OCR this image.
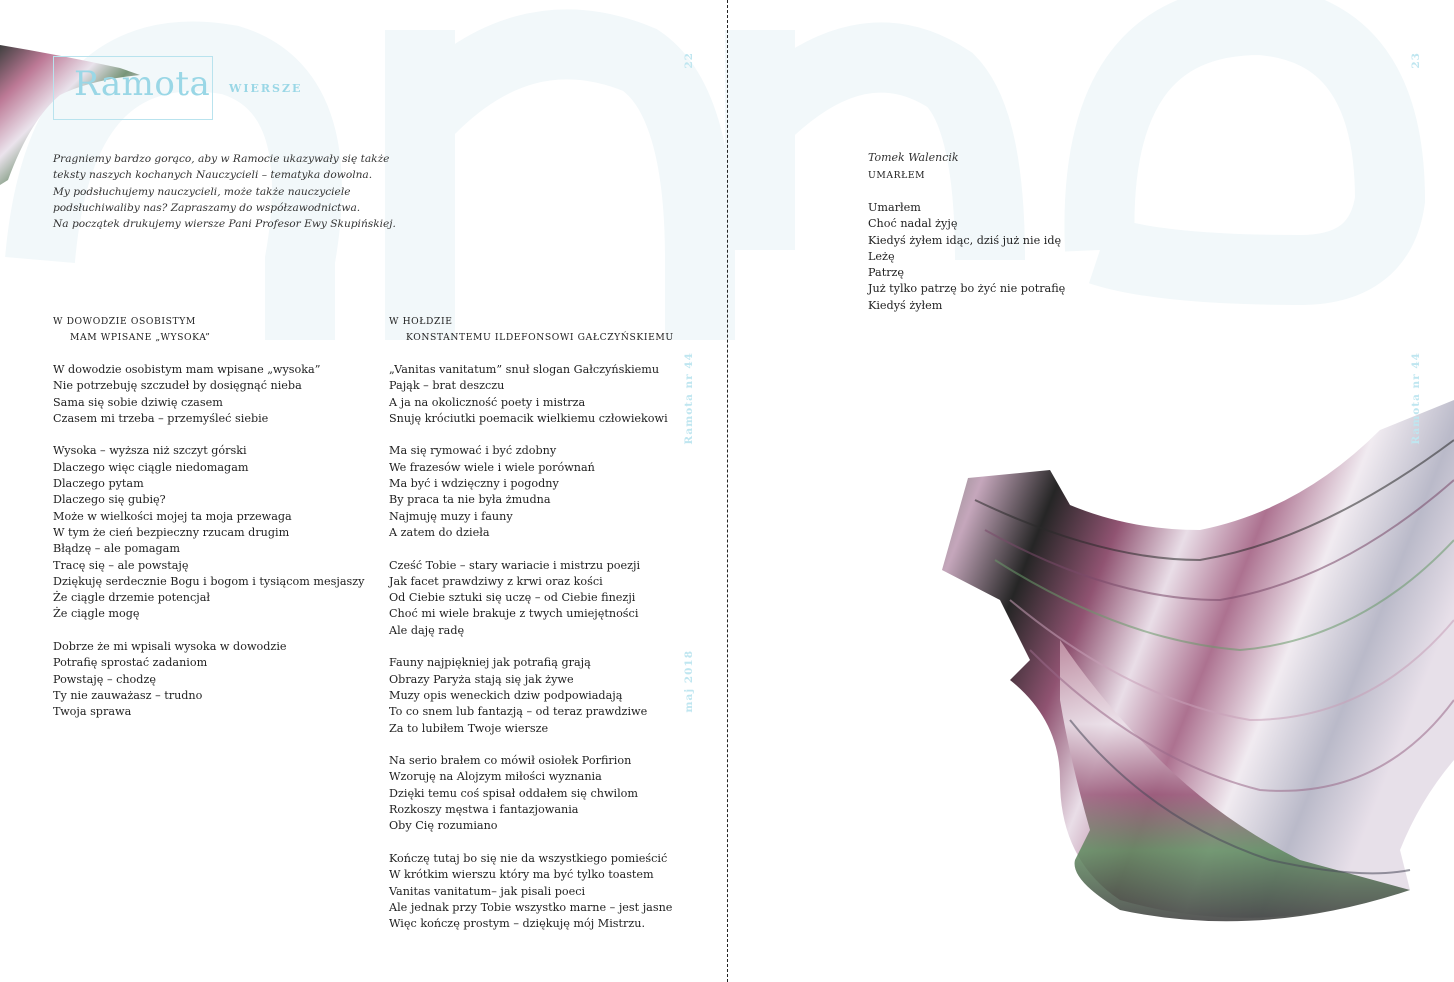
Ramota WIERSZE
22
Ramota nr 44
maj 2018
Pragniemy bardzo gorąco, aby w Ramocie ukazywały się także
teksty naszych kochanych Nauczycieli – tematyka dowolna.
My podsłuchujemy nauczycieli, może także nauczyciele
podsłuchiwaliby nas? Zapraszamy do współzawodnictwa.
Na początek drukujemy wiersze Pani Profesor Ewy Skupińskiej.
W DOWODZIE OSOBISTYM
MAM WPISANE „WYSOKA”
W dowodzie osobistym mam wpisane „wysoka”
Nie potrzebuję szczudeł by dosięgnąć nieba
Sama się sobie dziwię czasem
Czasem mi trzeba – przemyśleć siebie
Wysoka – wyższa niż szczyt górski
Dlaczego więc ciągle niedomagam
Dlaczego pytam
Dlaczego się gubię?
Może w wielkości mojej ta moja przewaga
W tym że cień bezpieczny rzucam drugim
Błądzę – ale pomagam
Tracę się – ale powstaję
Dziękuję serdecznie Bogu i bogom i tysiącom mesjaszy
Że ciągle drzemie potencjał
Że ciągle mogę
Dobrze że mi wpisali wysoka w dowodzie
Potrafię sprostać zadaniom
Powstaję – chodzę
Ty nie zauważasz – trudno
Twoja sprawa
W HOŁDZIE
KONSTANTEMU ILDEFONSOWI GAŁCZYŃSKIEMU
„Vanitas vanitatum” snuł slogan Gałczyńskiemu
Pająk – brat deszczu
A ja na okoliczność poety i mistrza
Snuję króciutki poemacik wielkiemu człowiekowi
Ma się rymować i być zdobny
We frazesów wiele i wiele porównań
Ma być i wdzięczny i pogodny
By praca ta nie była żmudna
Najmuję muzy i fauny
A zatem do dzieła
Cześć Tobie – stary wariacie i mistrzu poezji
Jak facet prawdziwy z krwi oraz kości
Od Ciebie sztuki się uczę – od Ciebie finezji
Choć mi wiele brakuje z twych umiejętności
Ale daję radę
Fauny najpiękniej jak potrafią grają
Obrazy Paryża stają się jak żywe
Muzy opis weneckich dziw podpowiadają
To co snem lub fantazją – od teraz prawdziwe
Za to lubiłem Twoje wiersze
Na serio brałem co mówił osiołek Porfirion
Wzoruję na Alojzym miłości wyznania
Dzięki temu coś spisał oddałem się chwilom
Rozkoszy męstwa i fantazjowania
Oby Cię rozumiano
Kończę tutaj bo się nie da wszystkiego pomieścić
W krótkim wierszu który ma być tylko toastem
Vanitas vanitatum– jak pisali poeci
Ale jednak przy Tobie wszystko marne – jest jasne
Więc kończę prostym – dziękuję mój Mistrzu.
23
Ramota nr 44
Tomek Walencik
UMARŁEM
Umarłem
Choć nadal żyję
Kiedyś żyłem idąc, dziś już nie idę
Leżę
Patrzę
Już tylko patrzę bo żyć nie potrafię
Kiedyś żyłem
